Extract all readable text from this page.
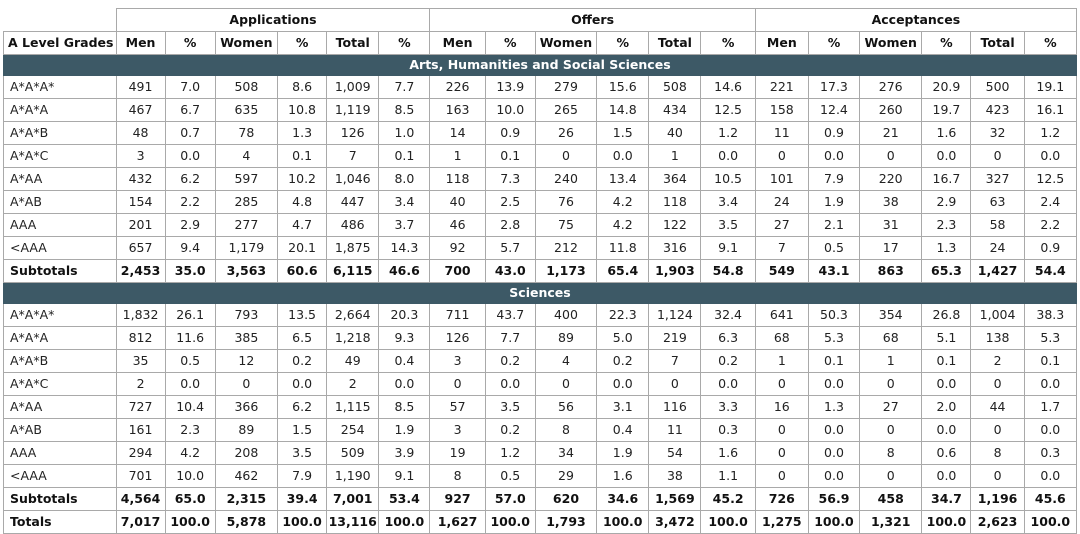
	Applications						Offers						Acceptances					
A Level Grades	Men	%	Women	%	Total	%	Men	%	Women	%	Total	%	Men	%	Women	%	Total	%
Arts, Humanities and Social Sciences																		
A*A*A*	491	7.0	508	8.6	1,009	7.7	226	13.9	279	15.6	508	14.6	221	17.3	276	20.9	500	19.1
A*A*A	467	6.7	635	10.8	1,119	8.5	163	10.0	265	14.8	434	12.5	158	12.4	260	19.7	423	16.1
A*A*B	48	0.7	78	1.3	126	1.0	14	0.9	26	1.5	40	1.2	11	0.9	21	1.6	32	1.2
A*A*C	3	0.0	4	0.1	7	0.1	1	0.1	0	0.0	1	0.0	0	0.0	0	0.0	0	0.0
A*AA	432	6.2	597	10.2	1,046	8.0	118	7.3	240	13.4	364	10.5	101	7.9	220	16.7	327	12.5
A*AB	154	2.2	285	4.8	447	3.4	40	2.5	76	4.2	118	3.4	24	1.9	38	2.9	63	2.4
AAA	201	2.9	277	4.7	486	3.7	46	2.8	75	4.2	122	3.5	27	2.1	31	2.3	58	2.2
<AAA	657	9.4	1,179	20.1	1,875	14.3	92	5.7	212	11.8	316	9.1	7	0.5	17	1.3	24	0.9
Subtotals	2,453	35.0	3,563	60.6	6,115	46.6	700	43.0	1,173	65.4	1,903	54.8	549	43.1	863	65.3	1,427	54.4
Sciences																		
A*A*A*	1,832	26.1	793	13.5	2,664	20.3	711	43.7	400	22.3	1,124	32.4	641	50.3	354	26.8	1,004	38.3
A*A*A	812	11.6	385	6.5	1,218	9.3	126	7.7	89	5.0	219	6.3	68	5.3	68	5.1	138	5.3
A*A*B	35	0.5	12	0.2	49	0.4	3	0.2	4	0.2	7	0.2	1	0.1	1	0.1	2	0.1
A*A*C	2	0.0	0	0.0	2	0.0	0	0.0	0	0.0	0	0.0	0	0.0	0	0.0	0	0.0
A*AA	727	10.4	366	6.2	1,115	8.5	57	3.5	56	3.1	116	3.3	16	1.3	27	2.0	44	1.7
A*AB	161	2.3	89	1.5	254	1.9	3	0.2	8	0.4	11	0.3	0	0.0	0	0.0	0	0.0
AAA	294	4.2	208	3.5	509	3.9	19	1.2	34	1.9	54	1.6	0	0.0	8	0.6	8	0.3
<AAA	701	10.0	462	7.9	1,190	9.1	8	0.5	29	1.6	38	1.1	0	0.0	0	0.0	0	0.0
Subtotals	4,564	65.0	2,315	39.4	7,001	53.4	927	57.0	620	34.6	1,569	45.2	726	56.9	458	34.7	1,196	45.6
Totals	7,017	100.0	5,878	100.0	13,116	100.0	1,627	100.0	1,793	100.0	3,472	100.0	1,275	100.0	1,321	100.0	2,623	100.0
